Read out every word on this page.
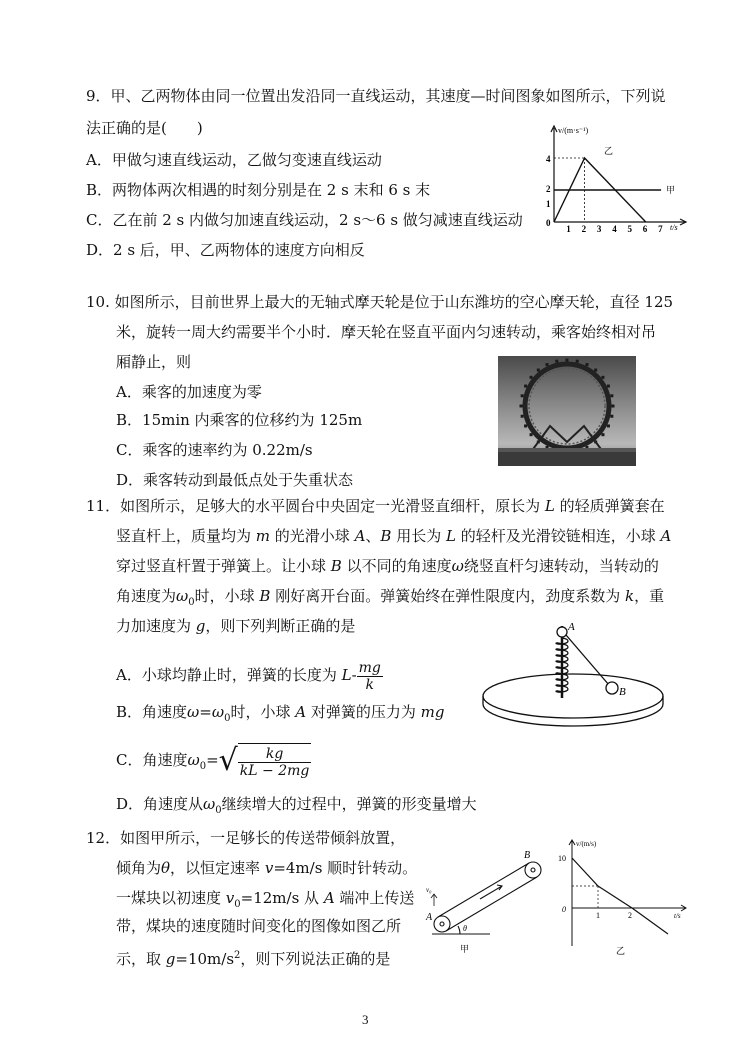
9．甲、乙两物体由同一位置出发沿同一直线运动，其速度—时间图象如图所示，下列说
法正确的是(　　)
A．甲做匀速直线运动，乙做匀变速直线运动
B．两物体两次相遇的时刻分别是在 2 s 末和 6 s 末
C．乙在前 2 s 内做匀加速直线运动，2 s～6 s 做匀减速直线运动
D．2 s 后，甲、乙两物体的速度方向相反
v/(m·s⁻¹)
t/s
4
2
1
0
1 2 3 4 5 6 7
乙
甲
10. 如图所示，目前世界上最大的无轴式摩天轮是位于山东潍坊的空心摩天轮，直径 125
米，旋转一周大约需要半个小时．摩天轮在竖直平面内匀速转动，乘客始终相对吊
厢静止，则
A．乘客的加速度为零
B．15min 内乘客的位移约为 125m
C．乘客的速率约为 0.22m/s
D．乘客转动到最低点处于失重状态
11．如图所示，足够大的水平圆台中央固定一光滑竖直细杆，原长为 L 的轻质弹簧套在
竖直杆上，质量均为 m 的光滑小球 A、B 用长为 L 的轻杆及光滑铰链相连，小球 A
穿过竖直杆置于弹簧上。让小球 B 以不同的角速度ω绕竖直杆匀速转动，当转动的
角速度为$\omega_0$时，小球 B 刚好离开台面。弹簧始终在弹性限度内，劲度系数为 k，重
力加速度为 g，则下列判断正确的是
A．小球均静止时，弹簧的长度为 $L- \frac{mg}{k}$
B．角速度$\omega=\omega_0$时，小球 A 对弹簧的压力为 mg
C．角速度$\omega_0=√ \frac{kg}{kL - 2mg}$
D．角速度从$\omega_0$继续增大的过程中，弹簧的形变量增大
A
B
12．如图甲所示，一足够长的传送带倾斜放置，
倾角为θ，以恒定速率 v=4m/s 顺时针转动。
一煤块以初速度 $v_0=12m/s$ 从 A 端冲上传送
带，煤块的速度随时间变化的图像如图乙所
示，取 $g=10m/s^2$，则下列说法正确的是
A
B
θ
v₀
甲
v/(m/s)
t/s
10
0
1	2
乙
3
